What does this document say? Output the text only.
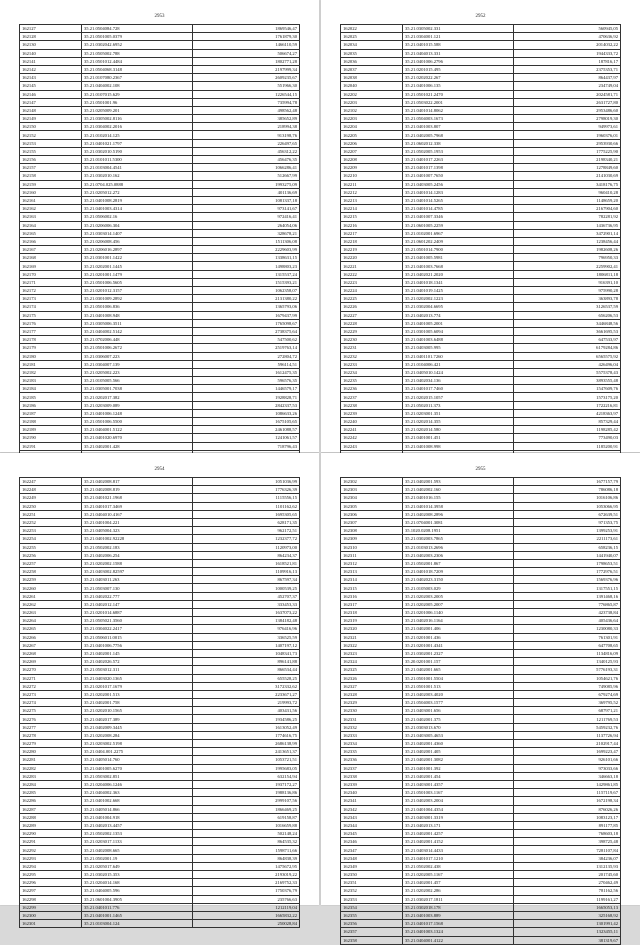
2953
162127	35.21.0504084.728	1869546,47
162128	35.21.0501005.0379	1761879,30
162130	35.21.0302042.6952	1466110,59
162140	35.21.0505002.788	506674,27
162141	35.21.0501012.4484	1802771,28
162142	35.21.0504068.3148	2197999,34
162143	35.21.0107080.2367	2609235,67
162145	35.21.0404002.108	551966,30
162146	35.21.0107015.629	1226544,15
162147	35.21.0501001.96	735994,78
162148	35.21.0205009.201	498562,48
162149	35.21.0305002.8116	385652,89
162150	35.21.0304002.2016	218994,38
162152	35.21.0102014.125	913198,76
162153	35.21.0401021.1797	226497,65
162155	35.21.0302010.5190	456312,22
162156	35.21.0101011.5300	456476,35
162157	35.21.0103004.4541	1066286,41
162158	35.21.0302010.162	512667,99
162159	35.21.0704.025.0888	1993275,09
162160	35.21.0205012.272	401136,69
162161	35.21.0401008.2819	1081337,18
162162	35.21.0401003.4314	973141,67
162163	35.21.0506002.16	972416,41
162164	35.21.0206006.304	264054,06
162165	35.21.0303014.1407	328678,21
162166	35.21.0206008.456	1511306,08
162167	35.21.0206016.2897	2229603,99
162168	35.21.0301001.1422	1338631,15
162169	35.21.0202001.1445	1498803,23
162170	35.21.0201001.1479	1315537,24
162171	35.21.0501006.5605	1515393,21
162172	35.21.0201012.3157	1062358,07
162173	35.21.0301009.2892	2131380,22
162174	35.21.0501006.836	1365793,06
162175	35.21.0401008.948	1679437,99
162176	35.21.0305006.3511	1765098,67
162177	35.21.0404002.5142	2738375,64
162178	35.21.0702006.448	547500,62
162179	35.21.0501006.2672	2519763,14
162180	35.21.0306007.223	272804,72
162181	35.21.0304007.139	596114,51
162182	35.21.0205002.223	1612475,35
162183	35.21.0105005.566	596576,35
162184	35.21.0305001.7038	1446579,17
162185	35.21.0202017.382	1928828,71
162186	35.21.0203009.089	2842337,53
162187	35.21.0401006.1248	1086633,26
162188	35.21.0501006.5500	1675105,65
162189	35.21.0404001.5122	2461088,57
162190	35.21.0401020.6970	1241061,57
162191	35.21.0402001.428	718796,43

2952
162022	35.21.0305002.331	560945,05
162025	35.21.0304001.121	470636,92
162034	35.21.0401015.588	2014032,22
162035	35.21.0404013.331	1944333,72
162036	35.21.0401006.2796	187816,17
162037	35.21.0201015.495	2375353,71
162038	35.21.0202022.267	864437,97
162040	35.21.0401006.135	234749,04
162202	35.21.0501021.2470	2024581,71
162203	35.21.0503022.2001	2631727,80
162102	35.21.0401014.8062	2953486,60
162203	35.21.0504003.1673	2798019,30
162204	35.21.0401003.807	949973,61
162205	35.21.0402005.7968	1960376,01
162206	35.21.0602012.338	2953930,66
162207	35.21.0502005.1953	1775225,90
162208	35.21.0401017.2263	2198340,21
162209	35.21.0401017.1398	1278849,60
162210	35.21.0401007.7650	2141030,69
162211	35.21.0403005.2456	3418176,75
162212	35.21.0401014.1283	960410,28
162213	35.21.0401014.5265	1148659,20
162214	35.21.0401014.4785	2167904,60
162215	35.21.0401007.3346	782281,92
162216	35.21.0601005.2259	1436736,95
162217	35.21.0102001.6967	3472901,14
162218	35.21.0601202.2409	1238456,44
162219	35.21.0501014.7900	1982608,26
162220	35.21.0401005.5981	796950,33
162221	35.21.0401003.7668	2259902,41
162222	35.21.0402021.2020	1806811,18
162223	35.21.0401018.1341	916391,10
162224	35.21.0401019.1425	975990,28
162225	35.21.0202002.1223	363893,78
162226	35.21.0302004.6695	3126537,59
162227	35.21.0402013.774	656206,53
162228	35.21.0401005.2001	3446848,56
162229	35.21.0301005.6094	3661695,53
162230	35.21.0401003.6488	647533,97
162231	35.21.0403005.995	6179284,86
162232	35.21.0401101.7260	6565575,92
162233	35.21.0104006.421	426496,04
162234	35.21.0405010.1424	5575378,43
162235	35.21.0402034.136	3893555,48
162236	35.21.0401017.7460	1547609,76
162237	35.21.0202015.1057	1573175,20
162238	35.21.0502011.373	1722216,81
162239	35.21.0203001.351	4218363,97
162240	35.21.0202014.355	857329,44
162241	35.21.0202014.580	1198285,42
162242	35.21.0401001.451	773490,03
162243	35.21.0401008.998	1185200,91

2954
162247	35.21.0402008.817	1051036,99
162248	35.21.0402008.819	1776326,39
162249	35.21.0401021.1968	1115556,15
162250	35.21.0401017.3469	1101162,62
162251	35.21.0404010.4167	1695305,65
162252	35.21.0401004.221	628171,35
162253	35.21.0405004.323	962172,51
162254	35.21.0401002.92228	1232377,72
162255	35.21.0502002.183	1120973,00
162256	35.21.0402006.254	864234,37
162257	35.21.0202002.1588	1618521,81
162258	35.21.0403002.82597	1109916,13
162259	35.21.0403011.263	867597,34
162260	35.21.0503007.130	1000539,25
162261	35.21.0402022.777	452707,37
162262	35.21.0402012.147	333453,33
162263	35.21.0201014.6887	1637073,22
162264	35.21.0505021.3560	1384182,48
162265	35.21.0304022.2417	976416,96
162266	35.21.0506011.0015	336525,59
162267	35.21.0401006.7756	1407197,12
162268	35.21.0402001.145	1048341,73
162269	35.21.0402026.572	896141,88
162270	35.21.0503012.311	866534,44
162271	35.21.0403020.1365	655528,25
162272	35.21.0201017.1679	3172332,62
162273	35.21.0202001.513	2233671,27
162274	35.21.0402001.758	219993,72
162275	35.21.0202010.1565	403431,56
162276	35.21.0402017.389	1934586,25
162277	35.21.0402009.3445	1613052,49
162278	35.21.0202008.284	1774616,75
162279	35.21.0203002.5198	2686138,99
162280	35.21.0404.001.2275	2413651,37
162281	35.21.0405014.760	1053721,51
162282	35.21.0401005.6270	1995683,05
162283	35.21.0503002.851	632154,94
162284	35.21.0204006.1246	1937172,27
162285	35.21.0404002.363	1988136,86
162286	35.21.0401002.668	2999107,56
162287	35.21.0405014.866	1866469,25
162288	35.21.0401004.918	619158,87
162289	35.21.0402013.4457	1016659,88
162290	35.21.0502002.1353	502148,24
162291	35.21.0203017.1133	864535,32
162292	35.21.0402008.665	1598711,66
162293	35.21.0502001.19	864838,39
162294	35.21.0205017.649	1475672,95
162295	35.21.0302015.353	2193019,22
162296	35.21.0204014.168	2169752,33
162297	35.21.0404005.596	1750376,79
162298	35.21.0601004.3905	235766,63
162299	35.21.0401011.776	1212119,04
162300	35.21.0401001.1465	1665832,22
162301	35.21.0103004.124	250028,84
2955
162302	35.21.0402001.593	1677157,79
162303	35.21.0402002.160	786086,18
162304	35.21.0401016.155	1016106,86
162305	35.21.0401014.3958	1053066,95
162306	35.21.0402008.2896	672639,51
162307	35.21.0704001.3081	971353,75
162308	35.1020.0208.1951	1399253,91
162309	35.21.0302003.7865	2211173,61
162310	35.21.0103013.2696	658236,15
162311	35.21.0402003.2306	1441940,07
162312	35.21.0502001.867	1798653,51
162313	35.21.0401018.7209	1772976,51
162314	35.21.0402023.3150	1569376,96
162315	35.21.0105003.029	1317551,15
162316	35.21.0202003.2005	1391468,16
162317	35.21.0202005.2007	776865,87
162318	35.21.0201006.1140	423738,84
162319	35.21.0402016.1164	405436,64
162320	35.21.0402001.406	1230080,33
162321	35.21.0201001.436	761301,91
162322	35.21.0201001.4341	647708,65
162323	35.21.0302001.2327	1134816,09
162324	35.20.0201001.157	1340125,93
162325	35.21.0402001.665	5776193,31
162326	35.21.0501001.5504	1054621,76
162327	35.21.0501001.513	749085,96
162328	35.21.0402003.4020	679274,69
162329	35.21.0504003.1577	369795,52
162330	35.21.0403001.656	687971,21
162331	35.21.0402001.375	1211769,53
162332	35.21.0303013.670	5459232,76
162333	35.21.0403005.4653	1137726,94
162334	35.21.0402001.4360	2102917,44
162335	35.21.0402001.405	1699223,47
162336	35.21.0402001.3082	926101,66
162337	35.21.0401001.392	973033,66
162338	35.21.0402001.454	346663,18
162339	35.21.0403001.4357	1429861,85
162340	35.21.0501003.1167	1157119,67
162341	35.21.0402003.2004	1672198,34
162342	35.21.0401004.4354	876026,26
162343	35.21.0403001.3319	1083123,17
162344	35.21.0402013.171	891177,85
162345	35.21.0402001.4257	768603,18
162346	35.21.0402001.4152	398725,48
162347	35.21.0403014.4433	7281107,84
162348	35.21.0401017.1210	384236,07
162349	35.21.0502002.438	1312135,93
162350	35.21.0202005.1167	201745,60
162351	35.21.0402001.457	270462,49
162352	35.21.0202002.286	781162,56
162353	35.21.0302017.1811	1199161,27
162354	35.21.0302018.178	1665053,13
162355	35.21.0401003.889	325168,92
162356	35.21.0401017.1568	1301991,42
162357	35.21.0401003.1324	1323455,11
162358	35.21.0404001.4122	381319,67
